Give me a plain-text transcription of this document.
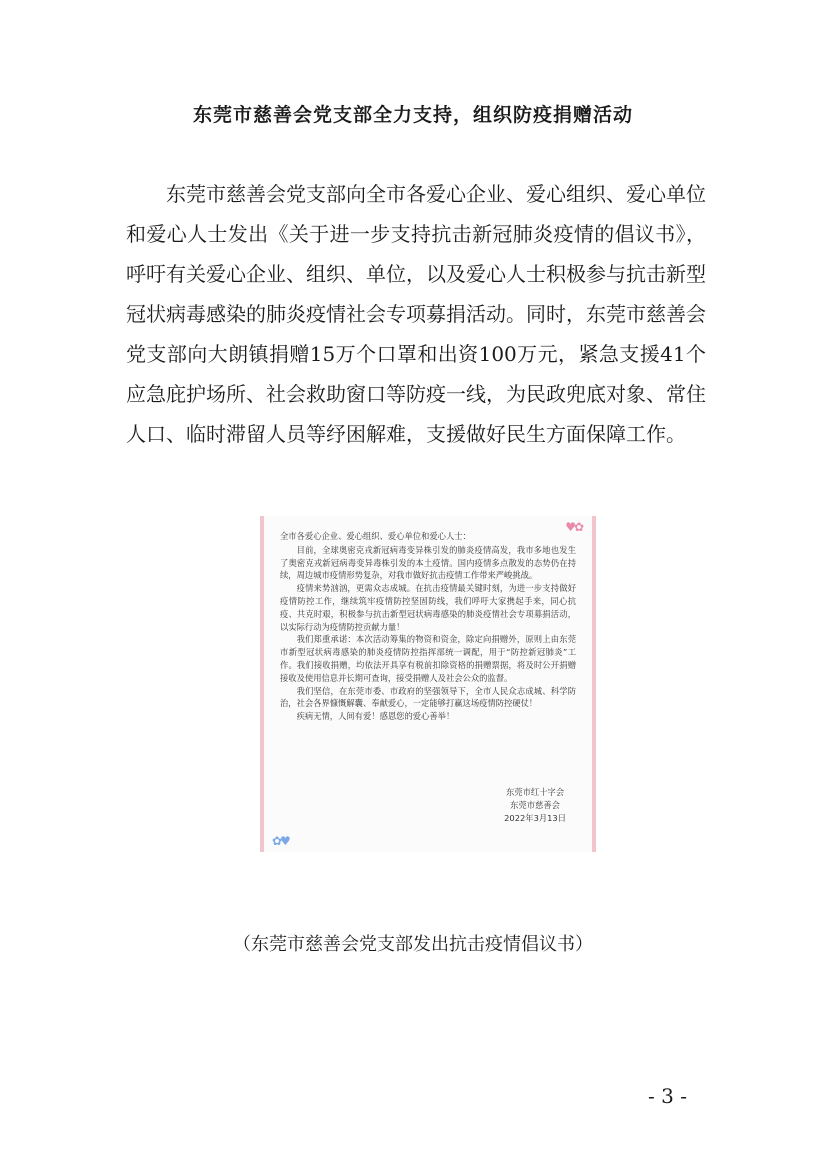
东莞市慈善会党支部全力支持，组织防疫捐赠活动

东莞市慈善会党支部向全市各爱心企业、爱心组织、爱心单位和爱心人士发出《关于进一步支持抗击新冠肺炎疫情的倡议书》，呼吁有关爱心企业、组织、单位，以及爱心人士积极参与抗击新型冠状病毒感染的肺炎疫情社会专项募捐活动。同时，东莞市慈善会党支部向大朗镇捐赠15万个口罩和出资100万元，紧急支援41个应急庇护场所、社会救助窗口等防疫一线，为民政兜底对象、常住人口、临时滞留人员等纾困解难，支援做好民生方面保障工作。

♥✿
✿♥

全市各爱心企业、爱心组织、爱心单位和爱心人士：

目前，全球奥密克戎新冠病毒变异株引发的肺炎疫情高发，我市多地也发生了奥密克戎新冠病毒变异毒株引发的本土疫情。国内疫情多点散发的态势仍在持续，周边城市疫情形势复杂，对我市做好抗击疫情工作带来严峻挑战。

疫情来势汹汹，更需众志成城。在抗击疫情最关键时刻，为进一步支持做好疫情防控工作，继续筑牢疫情防控坚固防线，我们呼吁大家携起手来，同心抗疫、共克时艰，积极参与抗击新型冠状病毒感染的肺炎疫情社会专项募捐活动，以实际行动为疫情防控贡献力量！

我们郑重承诺：本次活动筹集的物资和资金，除定向捐赠外，原则上由东莞市新型冠状病毒感染的肺炎疫情防控指挥部统一调配，用于“防控新冠肺炎”工作。我们接收捐赠，均依法开具享有税前扣除资格的捐赠票据，将及时公开捐赠接收及使用信息并长期可查询，接受捐赠人及社会公众的监督。

我们坚信，在东莞市委、市政府的坚强领导下，全市人民众志成城、科学防治，社会各界慷慨解囊、奉献爱心，一定能够打赢这场疫情防控硬仗！

疾病无情，人间有爱！感恩您的爱心善举！

东莞市红十字会
东莞市慈善会
2022年3月13日
（东莞市慈善会党支部发出抗击疫情倡议书）
- 3 -
